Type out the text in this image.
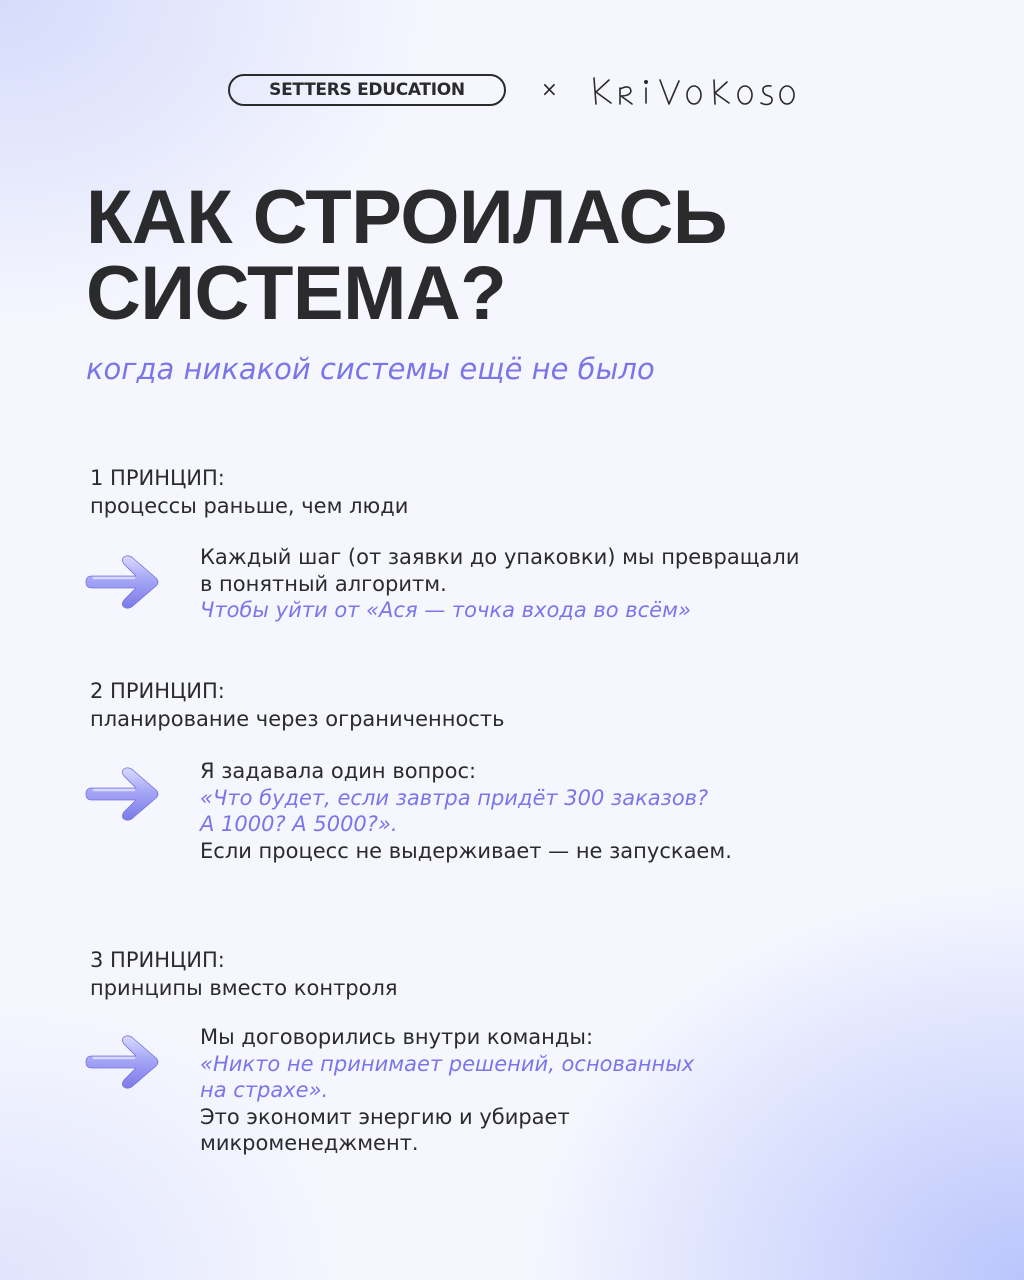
SETTERS EDUCATION	×
КАК СТРОИЛАСЬ
СИСТЕМА?
когда никакой системы ещё не было
1 ПРИНЦИП:
процессы раньше, чем люди
Каждый шаг (от заявки до упаковки) мы превращали
в понятный алгоритм.
Чтобы уйти от «Ася — точка входа во всём»
2 ПРИНЦИП:
планирование через ограниченность
Я задавала один вопрос:
«Что будет, если завтра придёт 300 заказов?
А 1000? А 5000?».
Если процесс не выдерживает — не запускаем.
3 ПРИНЦИП:
принципы вместо контроля
Мы договорились внутри команды:
«Никто не принимает решений, основанных
на страхе».
Это экономит энергию и убирает
микроменеджмент.
